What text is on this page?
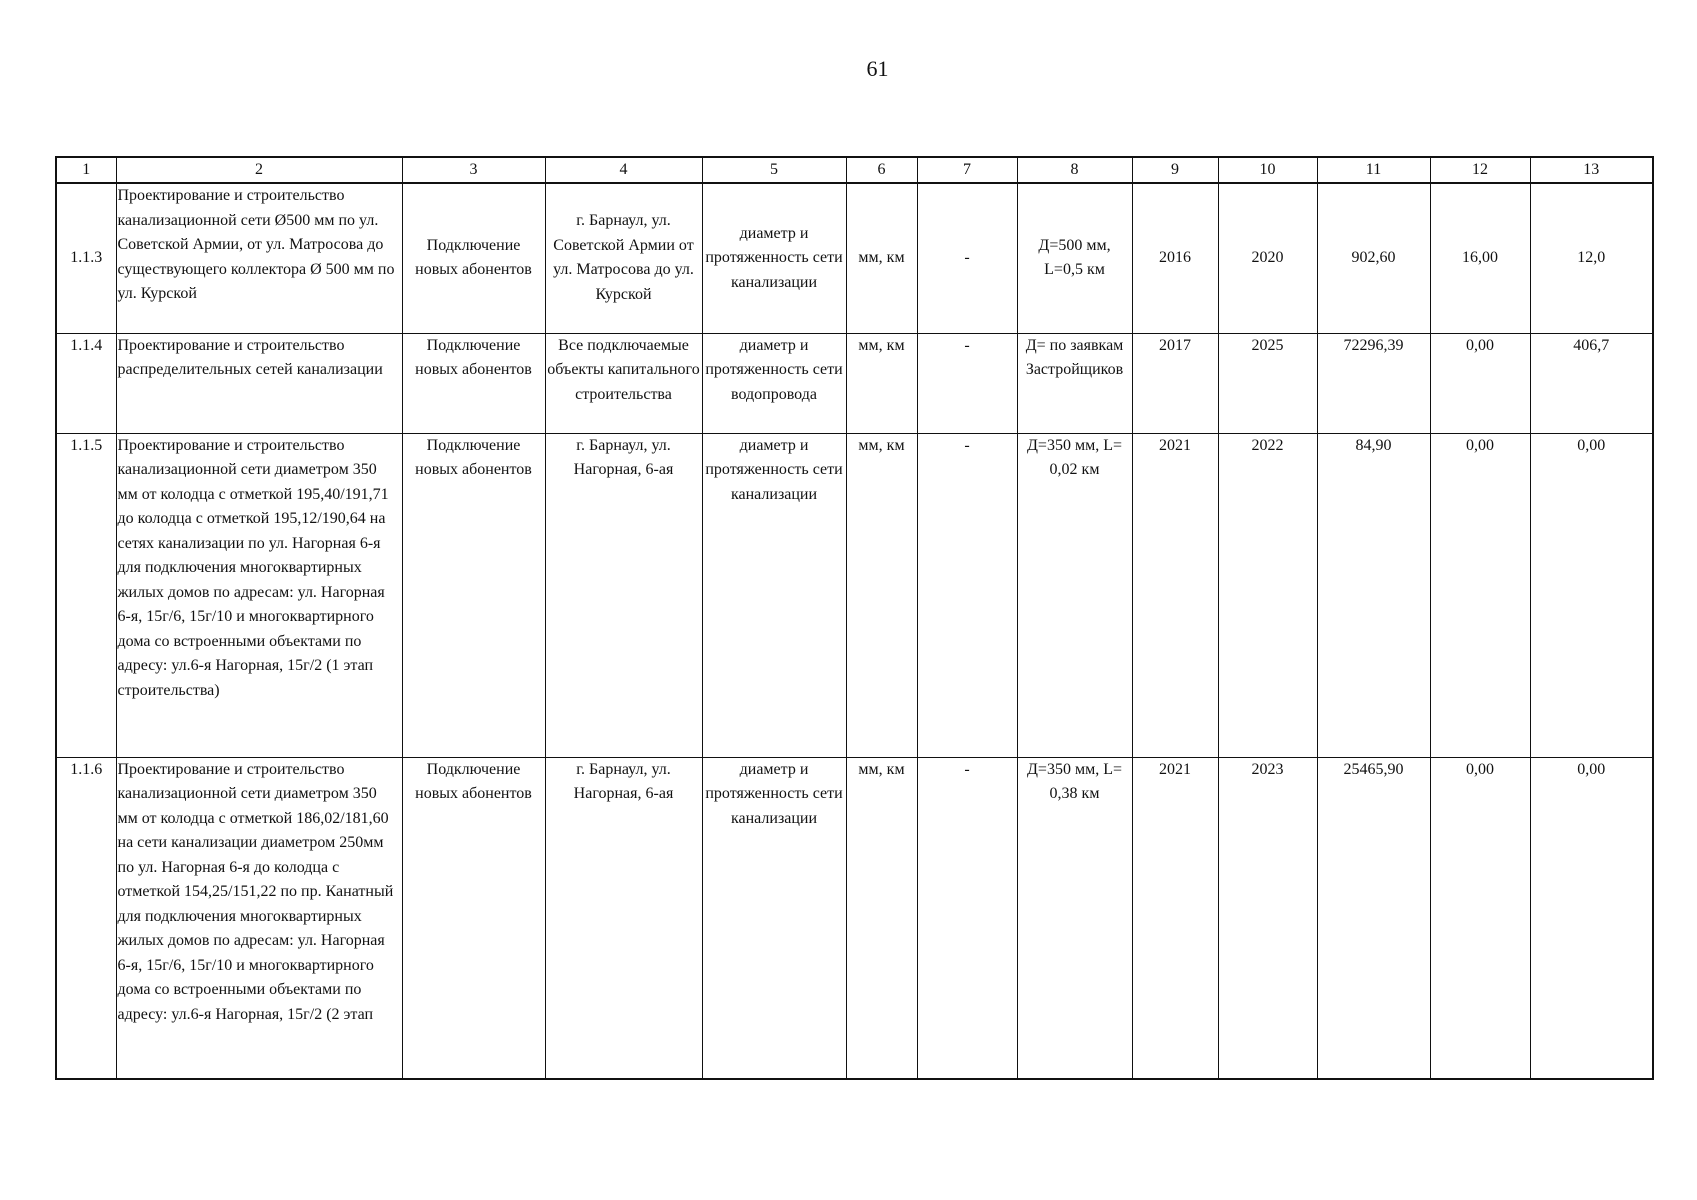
61
1	2	3	4	5	6	7	8	9	10	11	12	13
1.1.3	Проектирование и строительство канализационной сети Ø500 мм по ул. Советской Армии, от ул. Матросова до существующего коллектора Ø 500 мм по ул. Курской	Подключение новых абонентов	г. Барнаул, ул. Советской Армии от ул. Матросова до ул. Курской	диаметр и протяженность сети канализации	мм, км	-	Д=500 мм, L=0,5 км	2016	2020	902,60	16,00	12,0
1.1.4	Проектирование и строительство распределительных сетей канализации	Подключение новых абонентов	Все подключаемые объекты капитального строительства	диаметр и протяженность сети водопровода	мм, км	-	Д= по заявкам Застройщиков	2017	2025	72296,39	0,00	406,7
1.1.5	Проектирование и строительство канализационной сети диаметром 350 мм от колодца с отметкой 195,40/191,71 до колодца с отметкой 195,12/190,64 на сетях канализации по ул. Нагорная 6-я для подключения многоквартирных жилых домов по адресам: ул. Нагорная 6-я, 15г/6, 15г/10 и многоквартирного дома со встроенными объектами по адресу: ул.6-я Нагорная, 15г/2 (1 этап строительства)	Подключение новых абонентов	г. Барнаул, ул. Нагорная, 6-ая	диаметр и протяженность сети канализации	мм, км	-	Д=350 мм, L= 0,02 км	2021	2022	84,90	0,00	0,00
1.1.6	Проектирование и строительство канализационной сети диаметром 350 мм от колодца с отметкой 186,02/181,60 на сети канализации диаметром 250мм по ул. Нагорная 6-я до колодца с отметкой 154,25/151,22 по пр. Канатный для подключения многоквартирных жилых домов по адресам: ул. Нагорная 6-я, 15г/6, 15г/10 и многоквартирного дома со встроенными объектами по адресу: ул.6-я Нагорная, 15г/2 (2 этап	Подключение новых абонентов	г. Барнаул, ул. Нагорная, 6-ая	диаметр и протяженность сети канализации	мм, км	-	Д=350 мм, L= 0,38 км	2021	2023	25465,90	0,00	0,00
